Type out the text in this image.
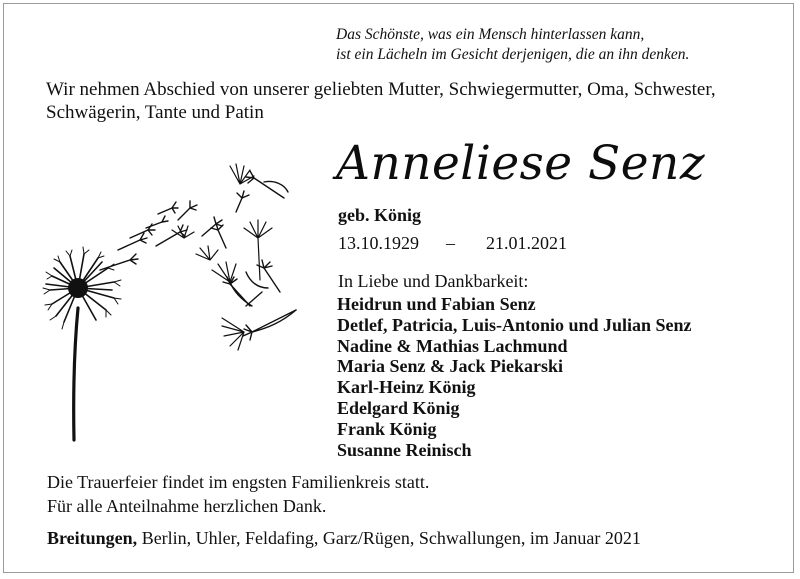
Das Schönste, was ein Mensch hinterlassen kann,
ist ein Lächeln im Gesicht derjenigen, die an ihn denken.
Wir nehmen Abschied von unserer geliebten Mutter, Schwiegermutter, Oma, Schwester, Schwägerin, Tante und Patin
Anneliese Senz
geb. König
13.10.1929 – 21.01.2021
In Liebe und Dankbarkeit:
Heidrun und Fabian Senz
Detlef, Patricia, Luis-Antonio und Julian Senz
Nadine & Mathias Lachmund
Maria Senz & Jack Piekarski
Karl-Heinz König
Edelgard König
Frank König
Susanne Reinisch
Die Trauerfeier findet im engsten Familienkreis statt.
Für alle Anteilnahme herzlichen Dank.
Breitungen, Berlin, Uhler, Feldafing, Garz/Rügen, Schwallungen, im Januar 2021
